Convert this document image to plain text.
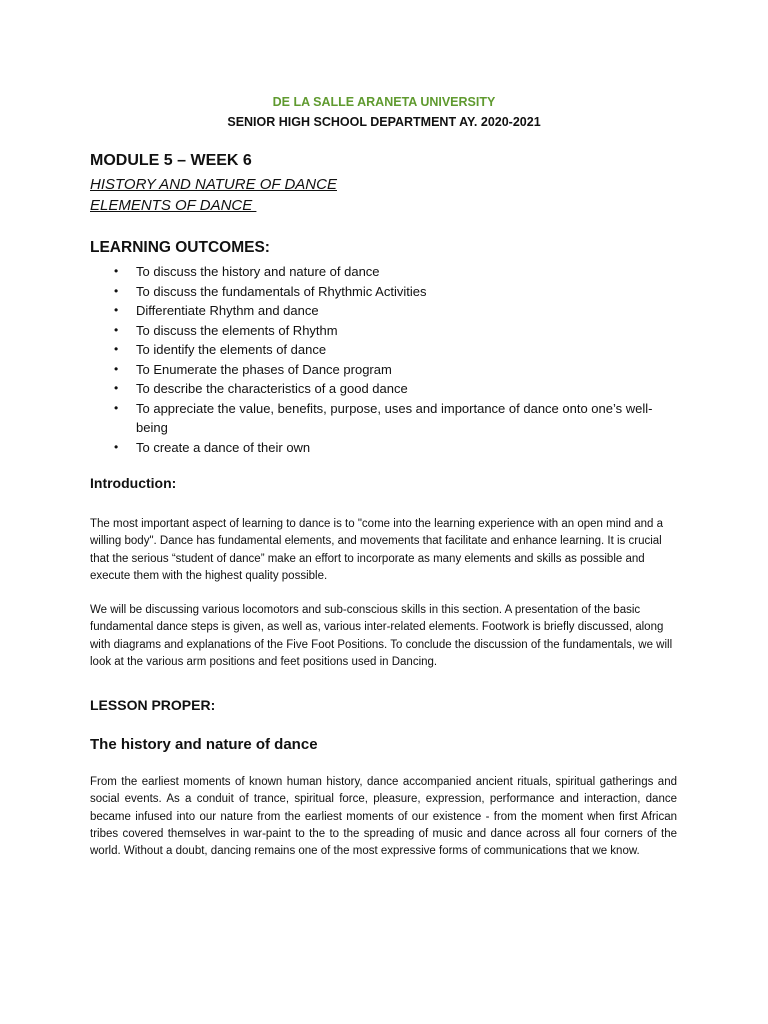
DE LA SALLE ARANETA UNIVERSITY
SENIOR HIGH SCHOOL DEPARTMENT AY. 2020-2021
MODULE 5 – WEEK 6
HISTORY AND NATURE OF DANCE
ELEMENTS OF DANCE
LEARNING OUTCOMES:
• To discuss the history and nature of dance
• To discuss the fundamentals of Rhythmic Activities
• Differentiate Rhythm and dance
• To discuss the elements of Rhythm
• To identify the elements of dance
• To Enumerate the phases of Dance program
• To describe the characteristics of a good dance
• To appreciate the value, benefits, purpose, uses and importance of dance onto one’s well-being
• To create a dance of their own
Introduction:

The most important aspect of learning to dance is to "come into the learning experience with an open mind and a willing body". Dance has fundamental elements, and movements that facilitate and enhance learning. It is crucial that the serious “student of dance” make an effort to incorporate as many elements and skills as possible and execute them with the highest quality possible.

We will be discussing various locomotors and sub-conscious skills in this section. A presentation of the basic fundamental dance steps is given, as well as, various inter-related elements. Footwork is briefly discussed, along with diagrams and explanations of the Five Foot Positions. To conclude the discussion of the fundamentals, we will look at the various arm positions and feet positions used in Dancing.

LESSON PROPER:
The history and nature of dance

From the earliest moments of known human history, dance accompanied ancient rituals, spiritual gatherings and social events. As a conduit of trance, spiritual force, pleasure, expression, performance and interaction, dance became infused into our nature from the earliest moments of our existence - from the moment when first African tribes covered themselves in war-paint to the to the spreading of music and dance across all four corners of the world. Without a doubt, dancing remains one of the most expressive forms of communications that we know.
